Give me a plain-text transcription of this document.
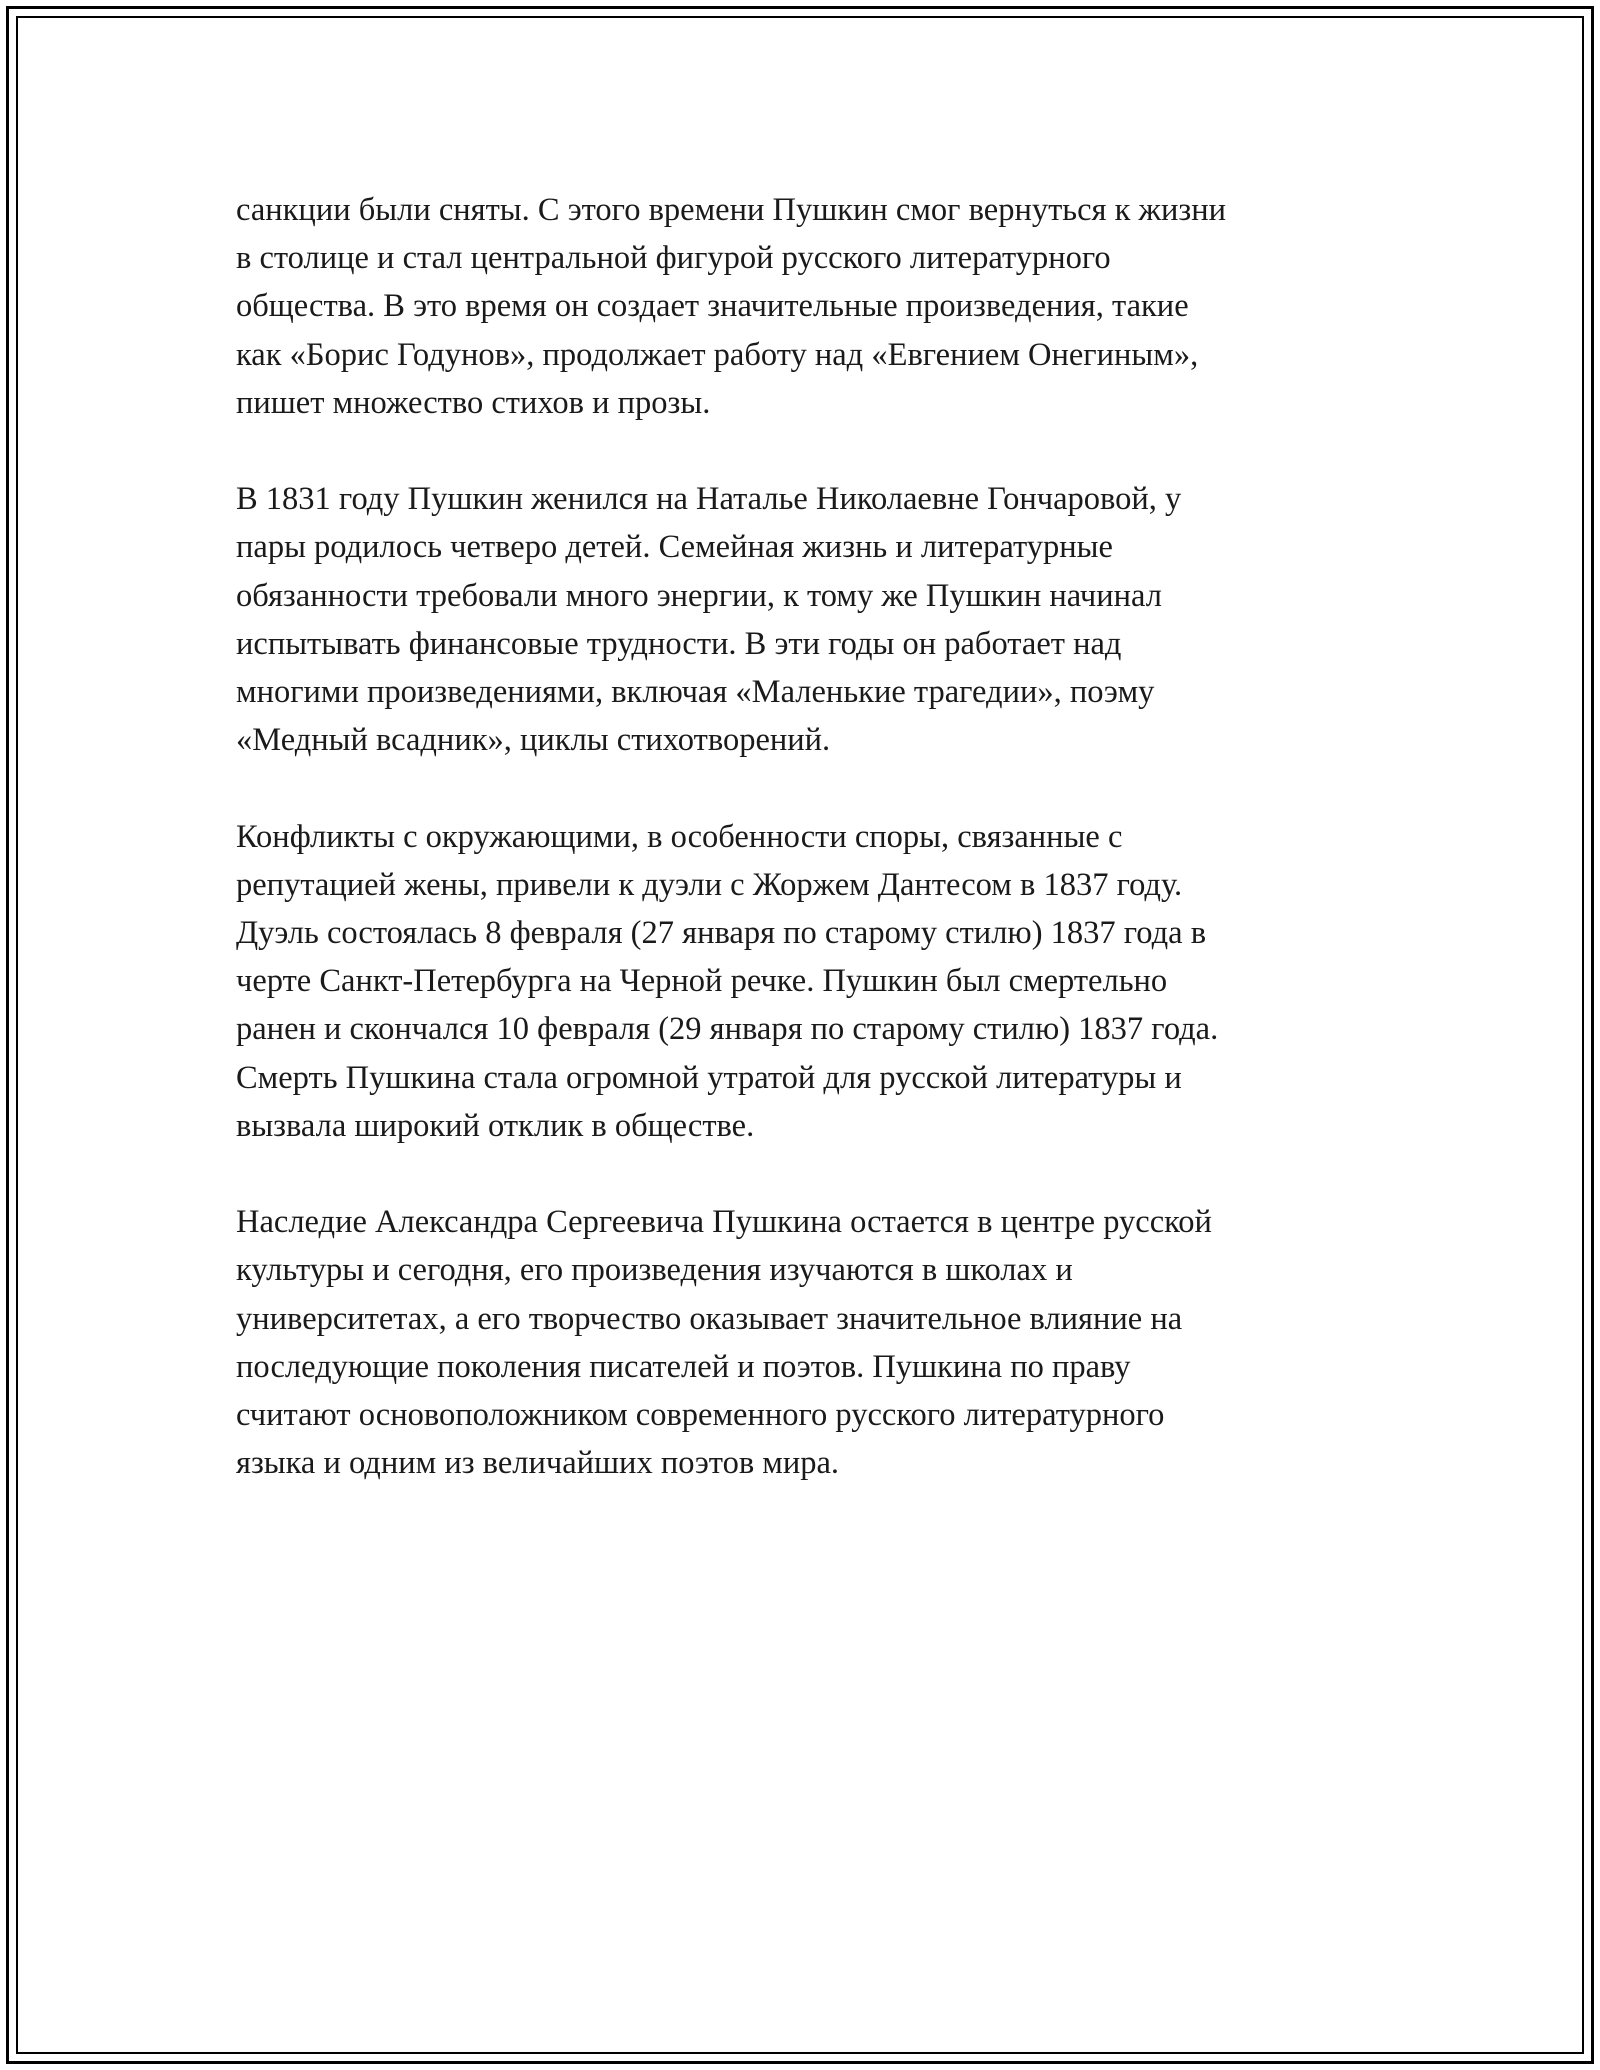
санкции были сняты. С этого времени Пушкин смог вернуться к жизни
в столице и стал центральной фигурой русского литературного
общества. В это время он создает значительные произведения, такие
как «Борис Годунов», продолжает работу над «Евгением Онегиным»,
пишет множество стихов и прозы.

В 1831 году Пушкин женился на Наталье Николаевне Гончаровой, у
пары родилось четверо детей. Семейная жизнь и литературные
обязанности требовали много энергии, к тому же Пушкин начинал
испытывать финансовые трудности. В эти годы он работает над
многими произведениями, включая «Маленькие трагедии», поэму
«Медный всадник», циклы стихотворений.

Конфликты с окружающими, в особенности споры, связанные с
репутацией жены, привели к дуэли с Жоржем Дантесом в 1837 году.
Дуэль состоялась 8 февраля (27 января по старому стилю) 1837 года в
черте Санкт-Петербурга на Черной речке. Пушкин был смертельно
ранен и скончался 10 февраля (29 января по старому стилю) 1837 года.
Смерть Пушкина стала огромной утратой для русской литературы и
вызвала широкий отклик в обществе.

Наследие Александра Сергеевича Пушкина остается в центре русской
культуры и сегодня, его произведения изучаются в школах и
университетах, а его творчество оказывает значительное влияние на
последующие поколения писателей и поэтов. Пушкина по праву
считают основоположником современного русского литературного
языка и одним из величайших поэтов мира.
